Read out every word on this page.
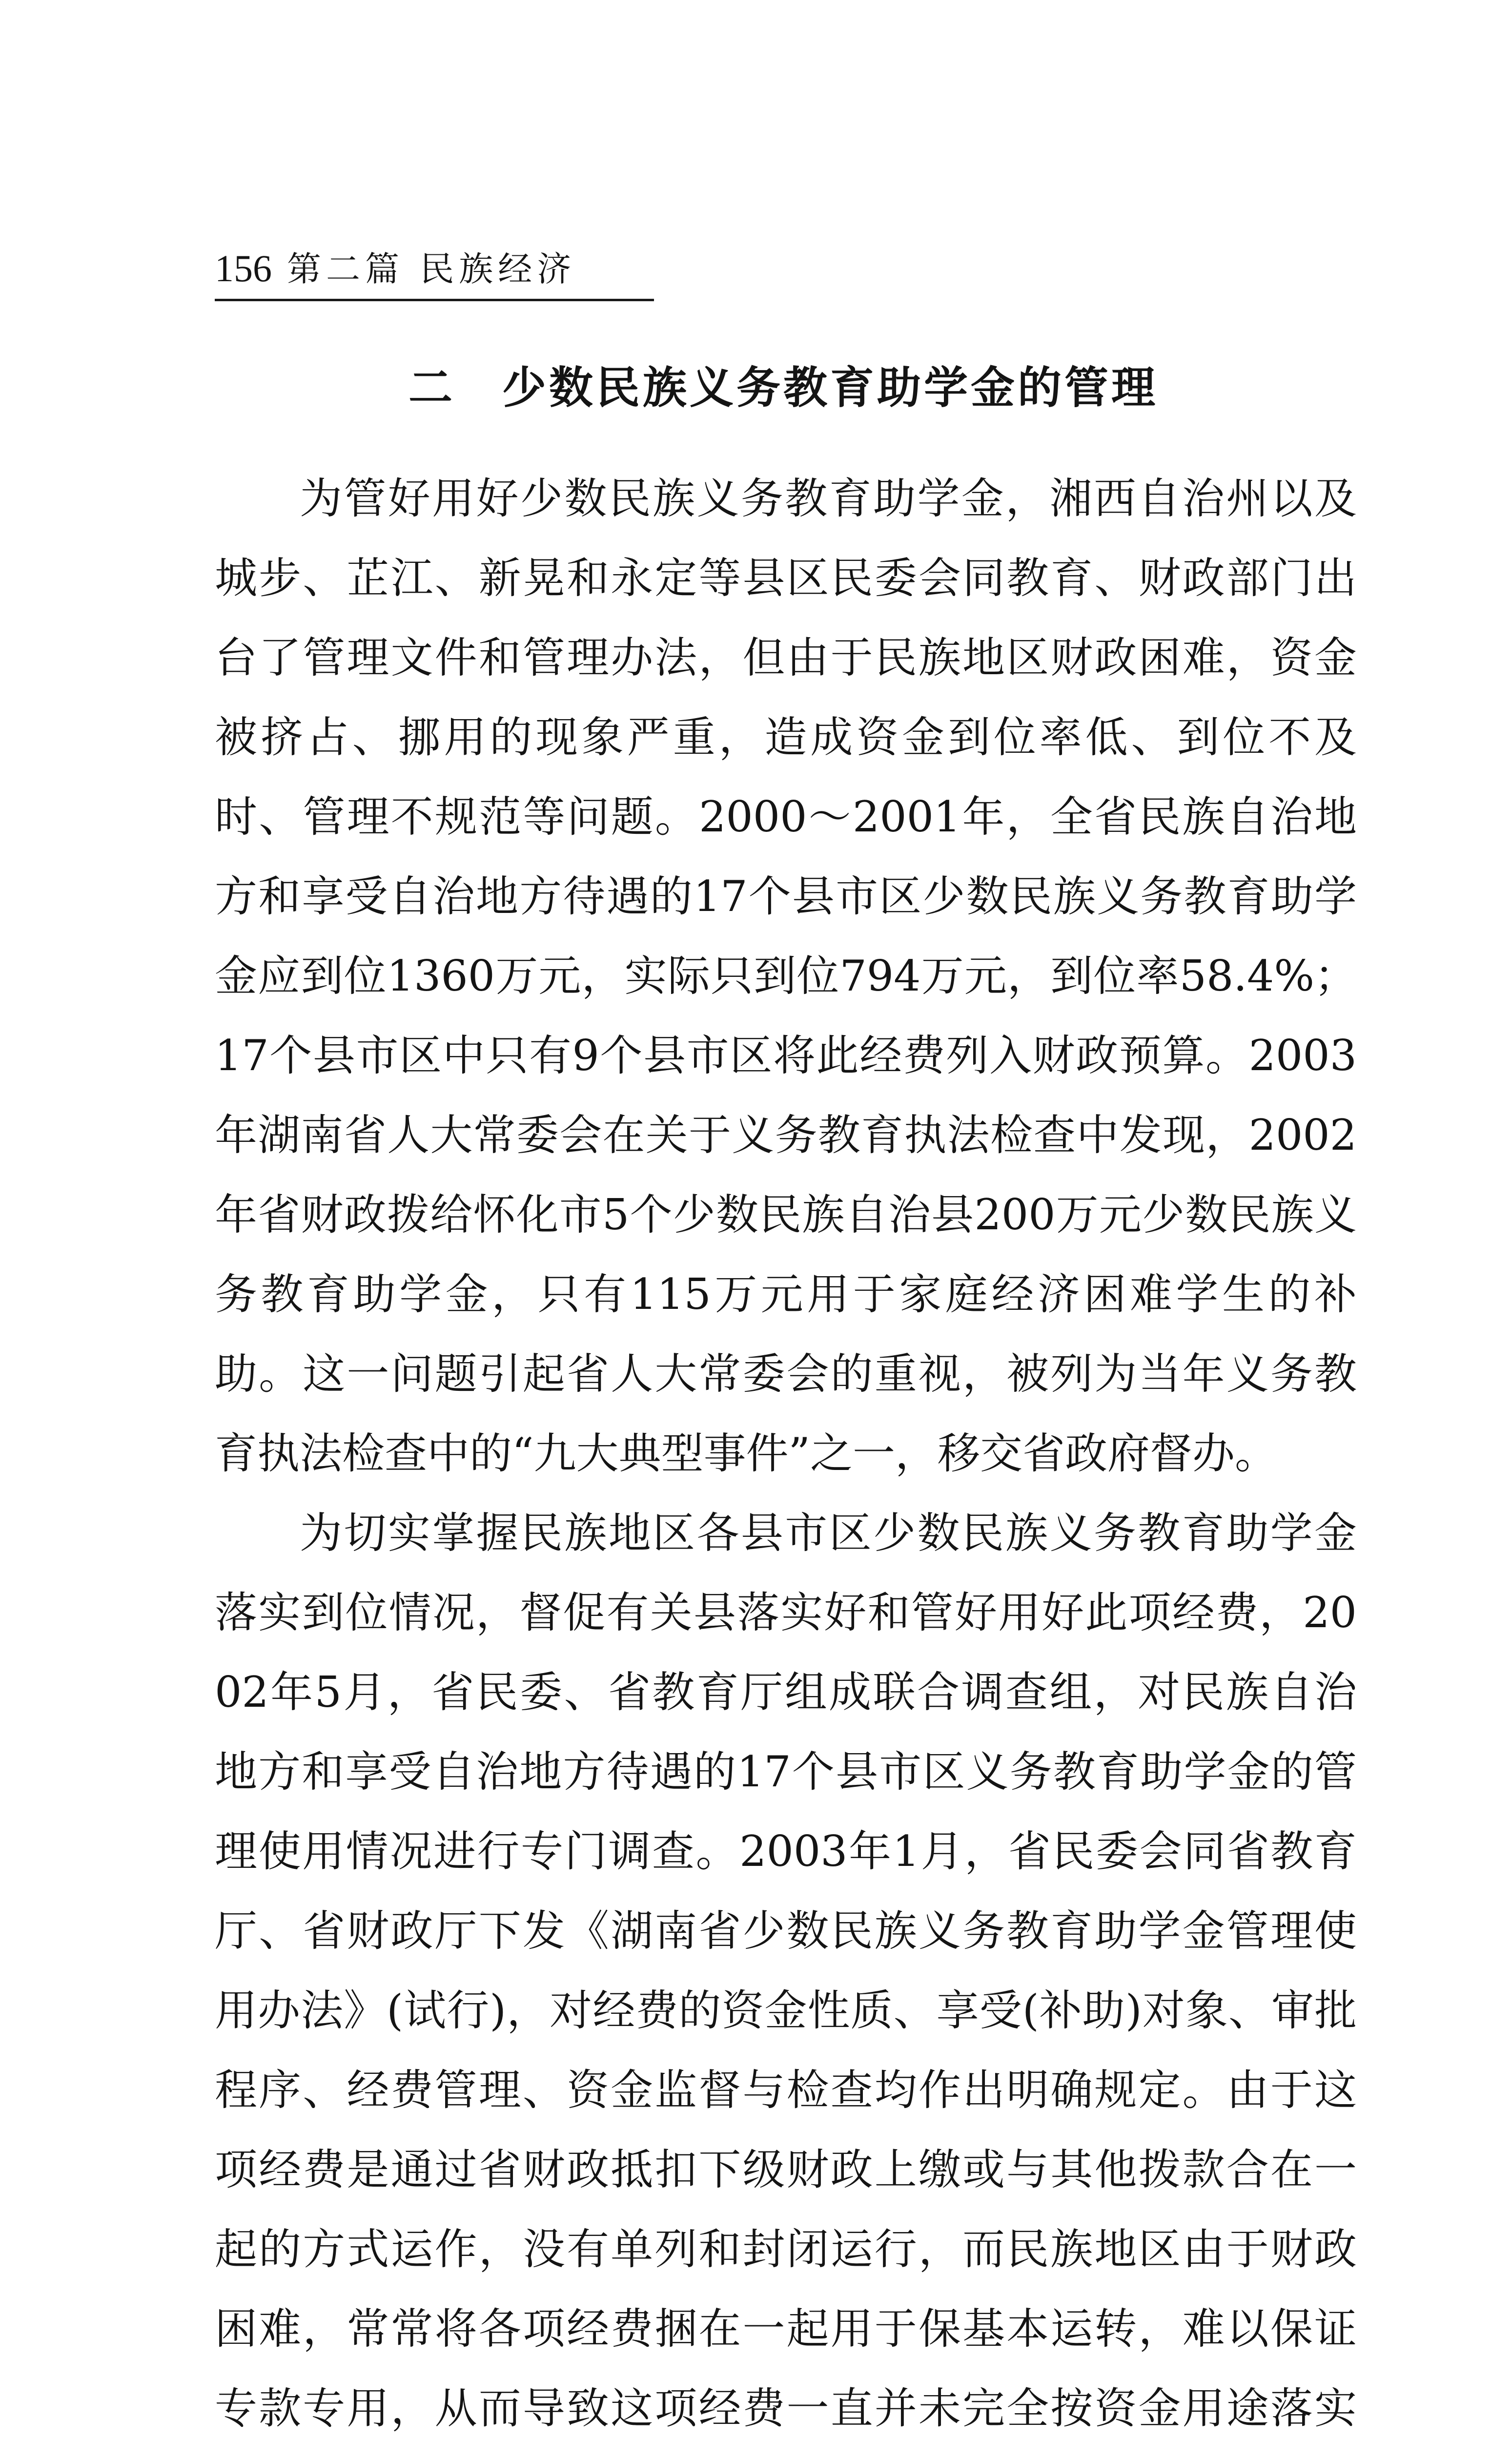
156 第二篇 民族经济
二　少数民族义务教育助学金的管理

为管好用好少数民族义务教育助学金，湘西自治州以及城步、芷江、新晃和永定等县区民委会同教育、财政部门出台了管理文件和管理办法，但由于民族地区财政困难，资金被挤占、挪用的现象严重，造成资金到位率低、到位不及时、管理不规范等问题。2000～2001年，全省民族自治地方和享受自治地方待遇的17个县市区少数民族义务教育助学金应到位1360万元，实际只到位794万元，到位率58.4%；17个县市区中只有9个县市区将此经费列入财政预算。2003年湖南省人大常委会在关于义务教育执法检查中发现，2002年省财政拨给怀化市5个少数民族自治县200万元少数民族义务教育助学金，只有115万元用于家庭经济困难学生的补助。这一问题引起省人大常委会的重视，被列为当年义务教育执法检查中的“九大典型事件”之一，移交省政府督办。

为切实掌握民族地区各县市区少数民族义务教育助学金落实到位情况，督促有关县落实好和管好用好此项经费，2002年5月，省民委、省教育厅组成联合调查组，对民族自治地方和享受自治地方待遇的17个县市区义务教育助学金的管理使用情况进行专门调查。2003年1月，省民委会同省教育厅、省财政厅下发《湖南省少数民族义务教育助学金管理使用办法》(试行)，对经费的资金性质、享受(补助)对象、审批程序、经费管理、资金监督与检查均作出明确规定。由于这项经费是通过省财政抵扣下级财政上缴或与其他拨款合在一起的方式运作，没有单列和封闭运行，而民族地区由于财政困难，常常将各项经费捆在一起用于保基本运转，难以保证专款专用，从而导致这项经费一直并未完全按资金用途落实
